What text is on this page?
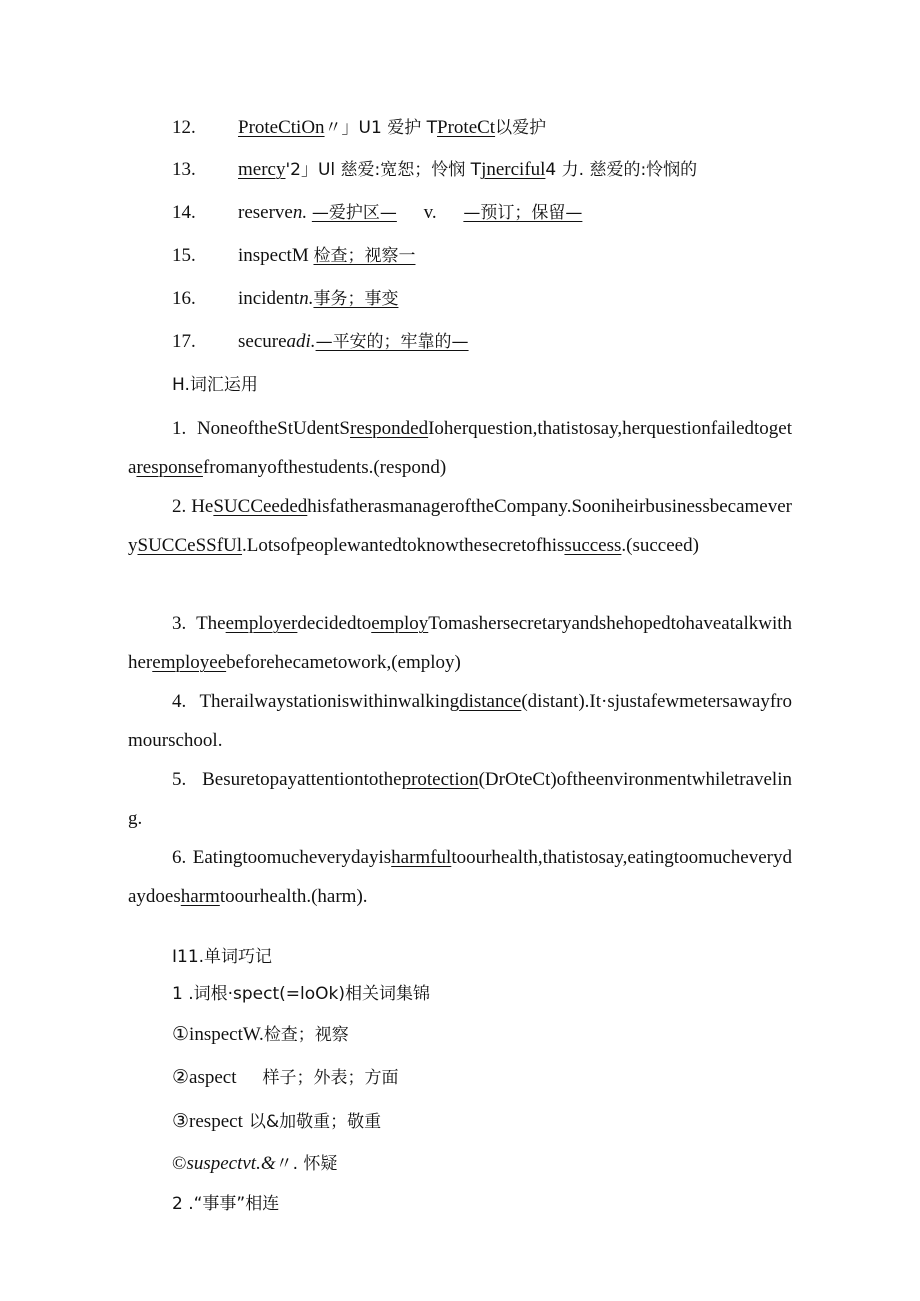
12. ProteCtiOn〃」U1 爱护 TProteCt以爱护
13. mercy'2」Ul 慈爱:宽恕；怜悯 Tjnerciful4 力. 慈爱的:怜悯的
14. reserven. —爱护区— v. —预订；保留—
15. inspectM 检查；视察一
16. incidentn.事务；事变
17. secureadi.—平安的；牢靠的—
H.词汇运用
1. NoneoftheStUdentSrespondedIoherquestion,thatistosay,herquestionfailedtogetaresponsefromanyofthestudents.(respond)
2. HeSUCCeededhisfatherasmanageroftheCompany.SooniheirbusinessbecameverySUCCeSSfUl.Lotsofpeoplewantedtoknowthesecretofhissuccess.(succeed)
3. TheemployerdecidedtoemployTomashersecretaryandshehopedtohaveatalkwithheremployeebeforehecametowork,(employ)
4. Therailwaystationiswithinwalkingdistance(distant).It·sjustafewmetersawayfromourschool.
5. Besuretopayattentiontotheprotection(DrOteCt)oftheenvironmentwhiletraveling.
6. Eatingtoomucheverydayisharmfultoourhealth,thatistosay,eatingtoomucheverydaydoesharmtoourhealth.(harm).
I11.单词巧记
1 .词根·spect(=loOk)相关词集锦
①inspectW.检查；视察
②aspect 样子；外表；方面
③respect 以&加敬重；敬重
©suspectvt.&〃. 怀疑
2 .“事事”相连
